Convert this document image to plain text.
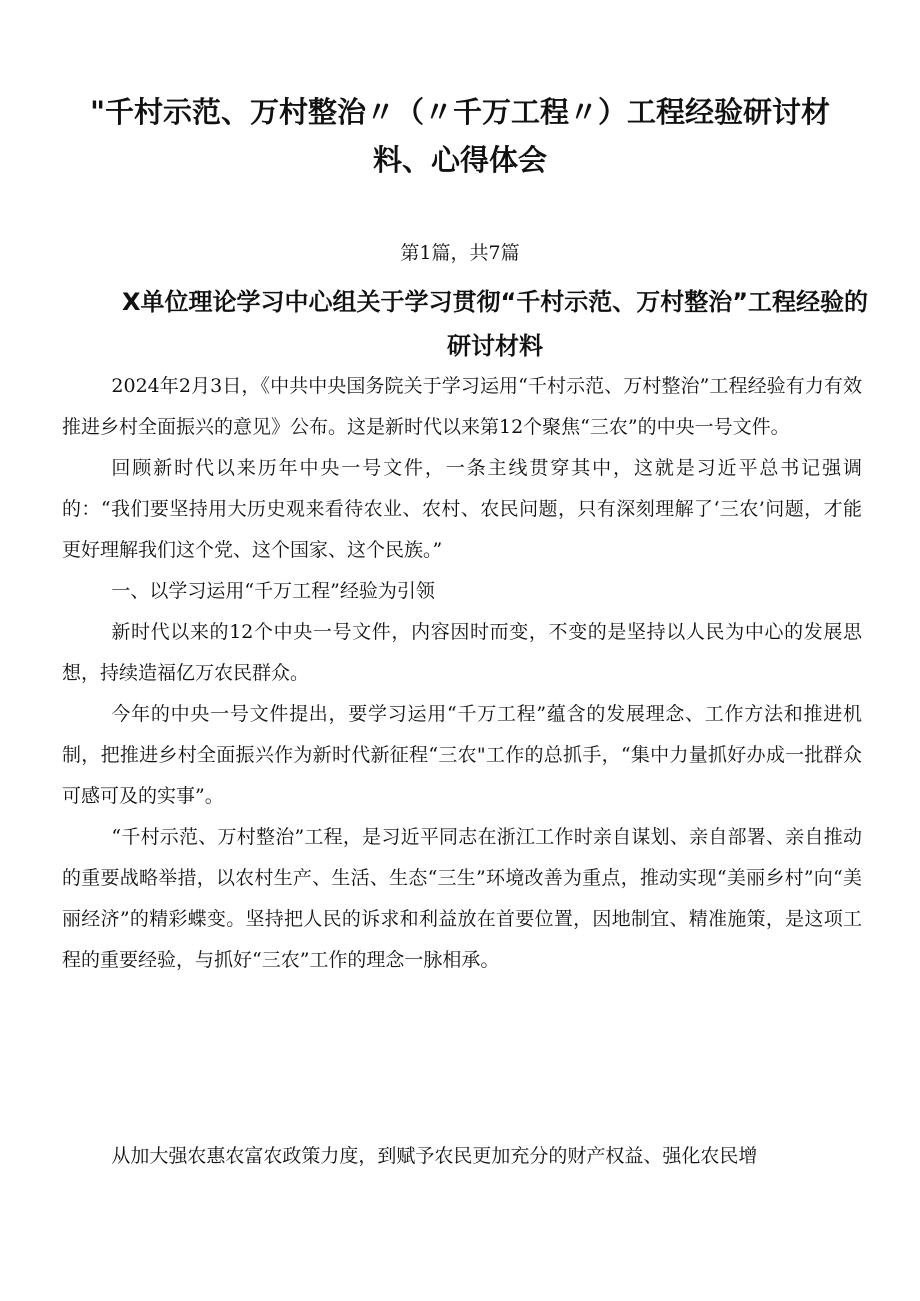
"千村示范、万村整治〃（〃千万工程〃）工程经验研讨材料、心得体会
第1篇，共7篇
X单位理论学习中心组关于学习贯彻“千村示范、万村整治”工程经验的研讨材料

2024年2月3日，《中共中央国务院关于学习运用“千村示范、万村整治”工程经验有力有效推进乡村全面振兴的意见》公布。这是新时代以来第12个聚焦“三农”的中央一号文件。

回顾新时代以来历年中央一号文件，一条主线贯穿其中，这就是习近平总书记强调的：“我们要坚持用大历史观来看待农业、农村、农民问题，只有深刻理解了‘三农’问题，才能更好理解我们这个党、这个国家、这个民族。”

一、以学习运用“千万工程”经验为引领

新时代以来的12个中央一号文件，内容因时而变，不变的是坚持以人民为中心的发展思想，持续造福亿万农民群众。

今年的中央一号文件提出，要学习运用“千万工程”蕴含的发展理念、工作方法和推进机制，把推进乡村全面振兴作为新时代新征程“三农"工作的总抓手，“集中力量抓好办成一批群众可感可及的实事”。

“千村示范、万村整治”工程，是习近平同志在浙江工作时亲自谋划、亲自部署、亲自推动的重要战略举措，以农村生产、生活、生态“三生”环境改善为重点，推动实现“美丽乡村”向“美丽经济”的精彩蝶变。坚持把人民的诉求和利益放在首要位置，因地制宜、精准施策，是这项工程的重要经验，与抓好“三农”工作的理念一脉相承。

从加大强农惠农富农政策力度，到赋予农民更加充分的财产权益、强化农民增
